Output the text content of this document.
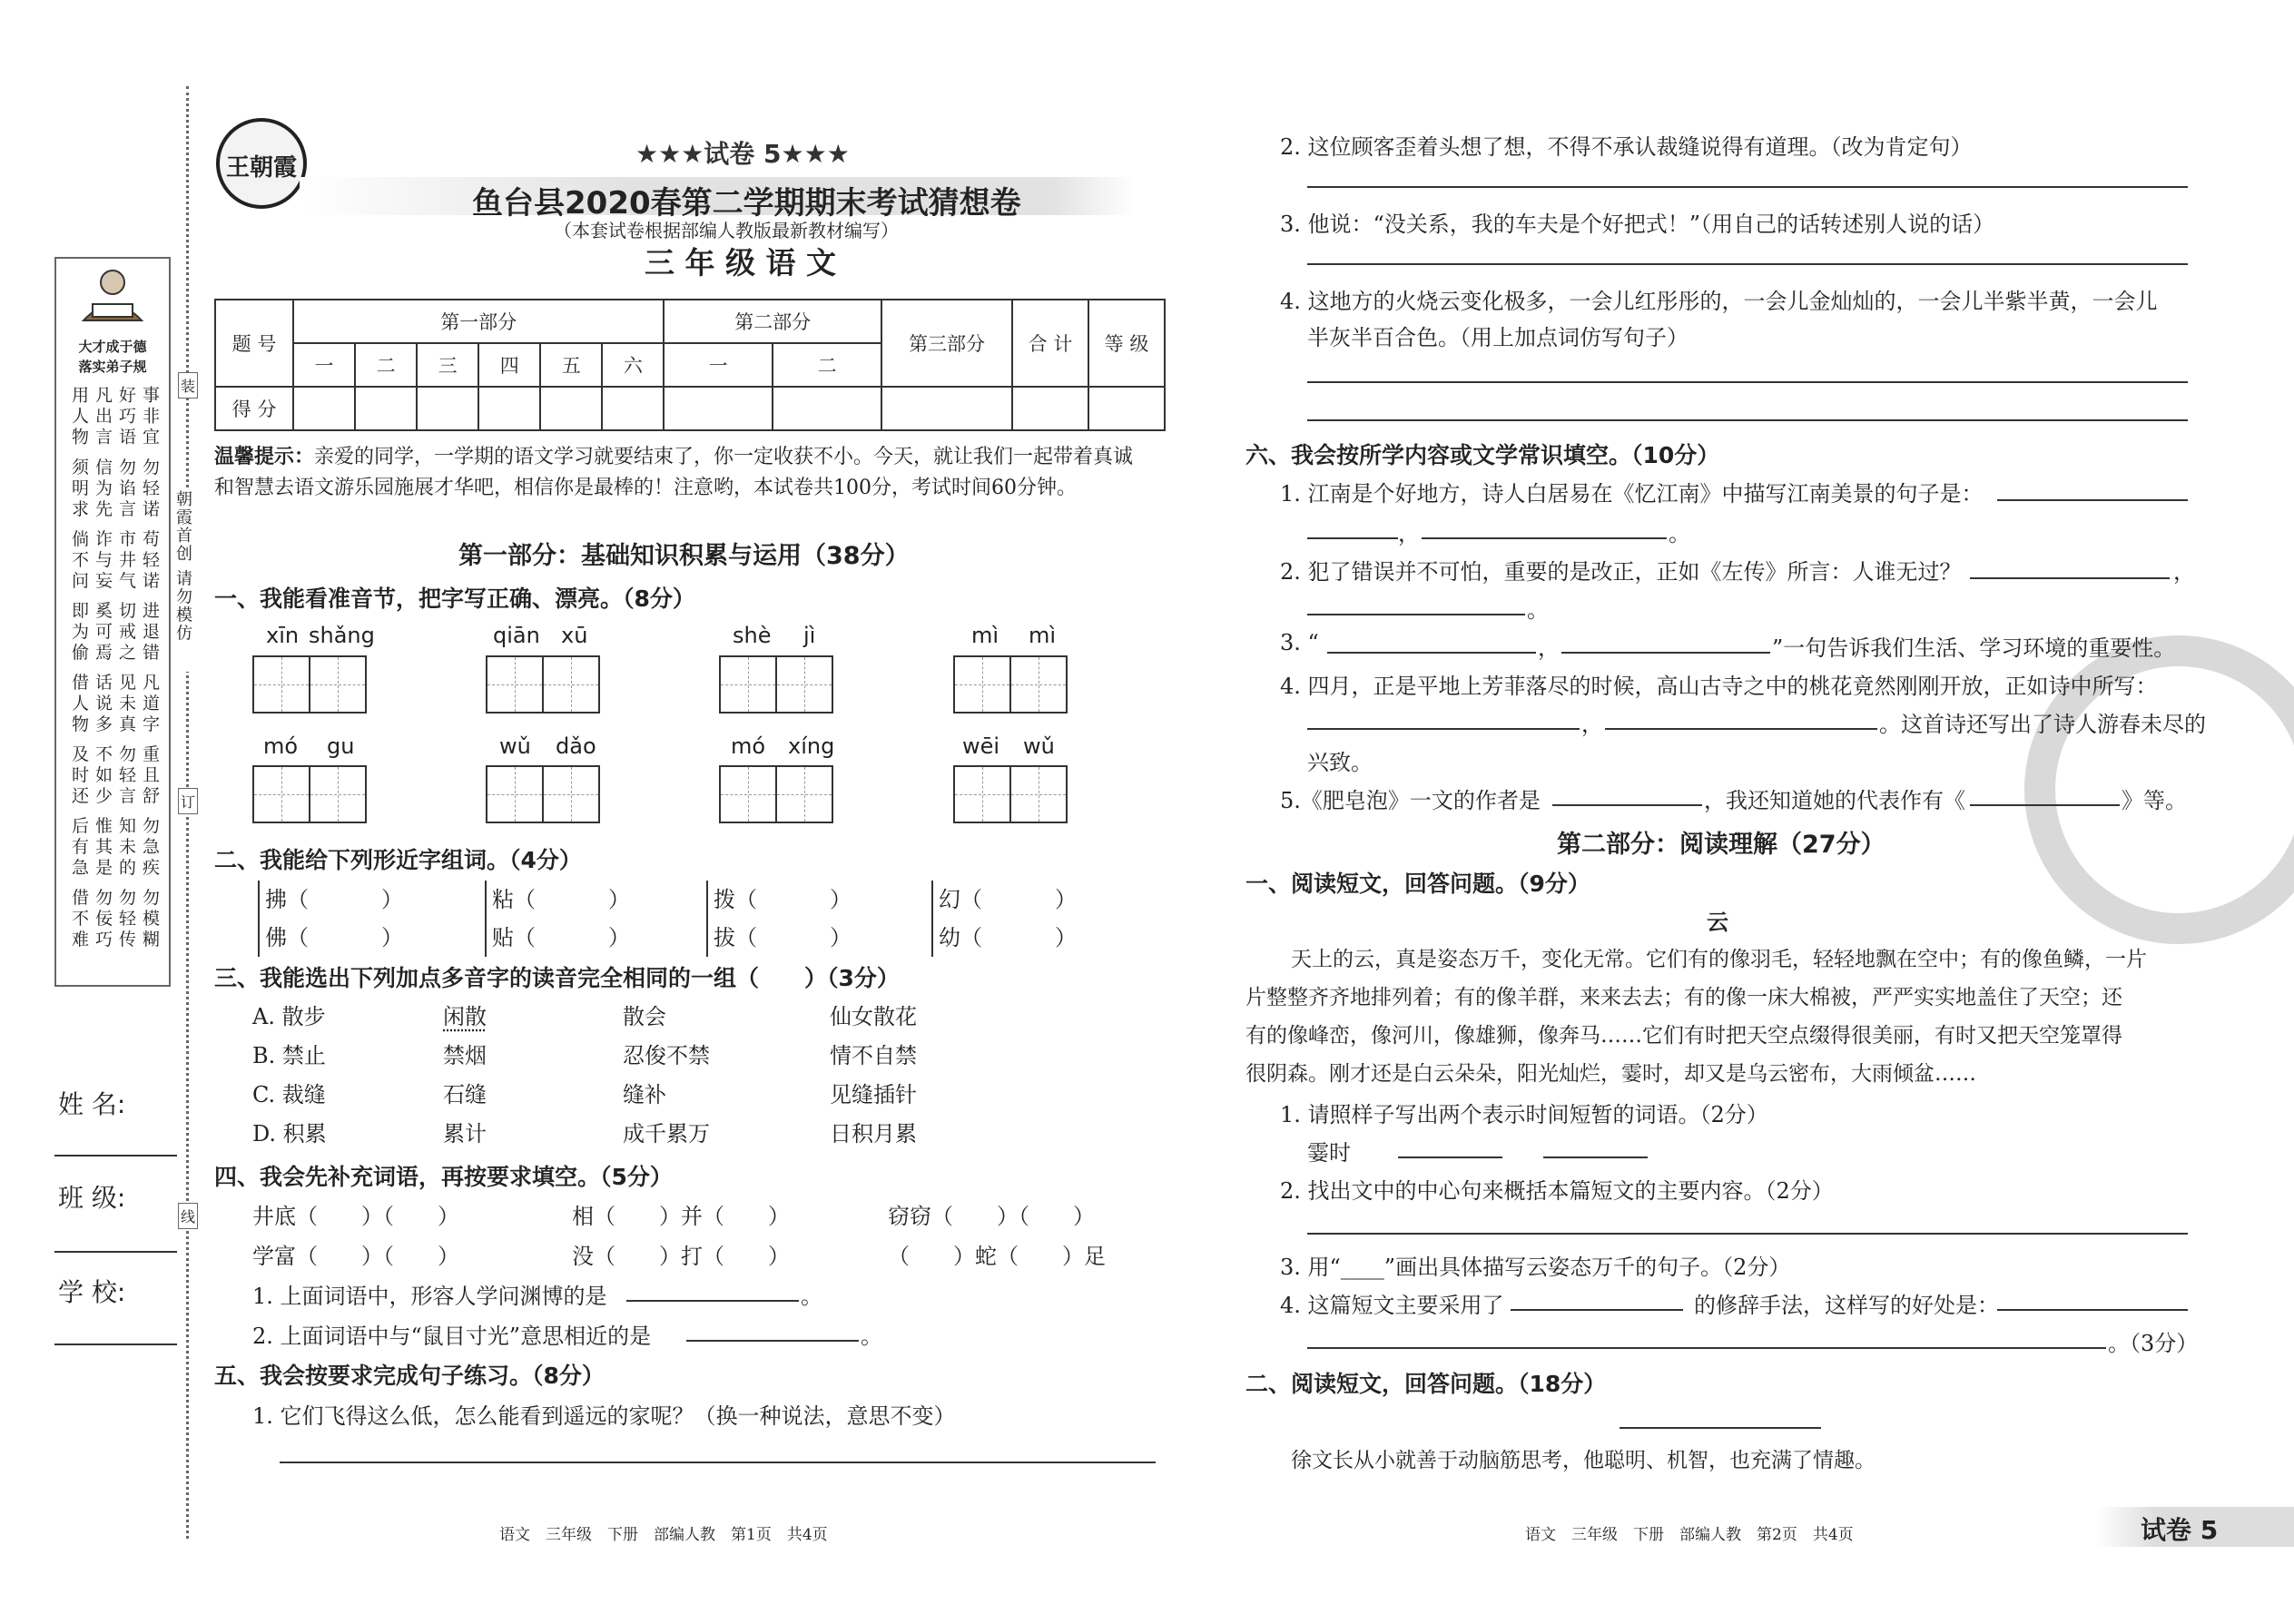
大才成于德
落实弟子规
事非宜 勿轻诺 苟轻诺 进退错 凡道字 重且舒 勿急疾 勿模糊 好巧语 勿谄言 市井气 切戒之 见未真 勿轻言 知未的 勿轻传 凡出言 信为先 诈与妄 奚可焉 话说多 不如少 惟其是 勿佞巧 用人物 须明求 倘不问 即为偷 借人物 及时还 后有急 借不难	装
订
线
朝霞首创 请勿模仿
姓 名:
班 级:
学 校:
王朝霞	★★★试卷 5★★★
鱼台县2020春第二学期期末考试猜想卷
（本套试卷根据部编人教版最新教材编写）
三 年 级 语 文
题 号	第一部分						第二部分		第三部分	合 计	等 级
	一	二	三	四	五	六	一	二			
得 分											
温馨提示：亲爱的同学，一学期的语文学习就要结束了，你一定收获不小。今天，就让我们一起带着真诚
和智慧去语文游乐园施展才华吧，相信你是最棒的！注意哟，本试卷共100分，考试时间60分钟。
第一部分：基础知识积累与运用（38分）
一、我能看准音节，把字写正确、漂亮。（8分）
xīn shǎng	qiān xū	shè jì	mì mì
mó gu	wǔ dǎo	mó xíng	wēi wǔ
二、我能给下列形近字组词。（4分）
拂（	）
佛（	）
粘（	）
贴（	）
拨（	）
拔（	）
幻（	）
幼（	）
三、我能选出下列加点多音字的读音完全相同的一组（　　）（3分）
A. 散步	闲散	散会	仙女散花
B. 禁止	禁烟	忍俊不禁	情不自禁
C. 裁缝	石缝	缝补	见缝插针
D. 积累	累计	成千累万	日积月累
四、我会先补充词语，再按要求填空。（5分）
井底（　　）（　　）	相（　　）并（　　）	窃窃（　　）（　　）
学富（　　）（　　）	没（　　）打（　　）	（　　）蛇（　　）足
1. 上面词语中，形容人学问渊博的是	。
2. 上面词语中与“鼠目寸光”意思相近的是	。
五、我会按要求完成句子练习。（8分）
1. 它们飞得这么低，怎么能看到遥远的家呢？（换一种说法，意思不变）
语文　三年级　下册　部编人教　第1页　共4页
2. 这位顾客歪着头想了想，不得不承认裁缝说得有道理。（改为肯定句）
3. 他说：“没关系，我的车夫是个好把式！”（用自己的话转述别人说的话）
4. 这地方的火烧云变化极多，一会儿红彤彤的，一会儿金灿灿的，一会儿半紫半黄，一会儿
半灰半百合色。（用上加点词仿写句子）
六、我会按所学内容或文学常识填空。（10分）
1. 江南是个好地方，诗人白居易在《忆江南》中描写江南美景的句子是：
，	。
2. 犯了错误并不可怕，重要的是改正，正如《左传》所言：人谁无过？	，
。
3. “	，	”一句告诉我们生活、学习环境的重要性。
4. 四月，正是平地上芳菲落尽的时候，高山古寺之中的桃花竟然刚刚开放，正如诗中所写：
，	。这首诗还写出了诗人游春未尽的
兴致。
5.《肥皂泡》一文的作者是	，我还知道她的代表作有《	》等。
第二部分：阅读理解（27分）
一、阅读短文，回答问题。（9分）
云
天上的云，真是姿态万千，变化无常。它们有的像羽毛，轻轻地飘在空中；有的像鱼鳞，一片
片整整齐齐地排列着；有的像羊群，来来去去；有的像一床大棉被，严严实实地盖住了天空；还
有的像峰峦，像河川，像雄狮，像奔马……它们有时把天空点缀得很美丽，有时又把天空笼罩得
很阴森。刚才还是白云朵朵，阳光灿烂，霎时，却又是乌云密布，大雨倾盆……
1. 请照样子写出两个表示时间短暂的词语。（2分）
霎时
2. 找出文中的中心句来概括本篇短文的主要内容。（2分）
3. 用“____”画出具体描写云姿态万千的句子。（2分）
4. 这篇短文主要采用了	的修辞手法，这样写的好处是：
。（3分）
二、阅读短文，回答问题。（18分）
徐文长从小就善于动脑筋思考，他聪明、机智，也充满了情趣。
语文　三年级　下册　部编人教　第2页　共4页	试卷 5
